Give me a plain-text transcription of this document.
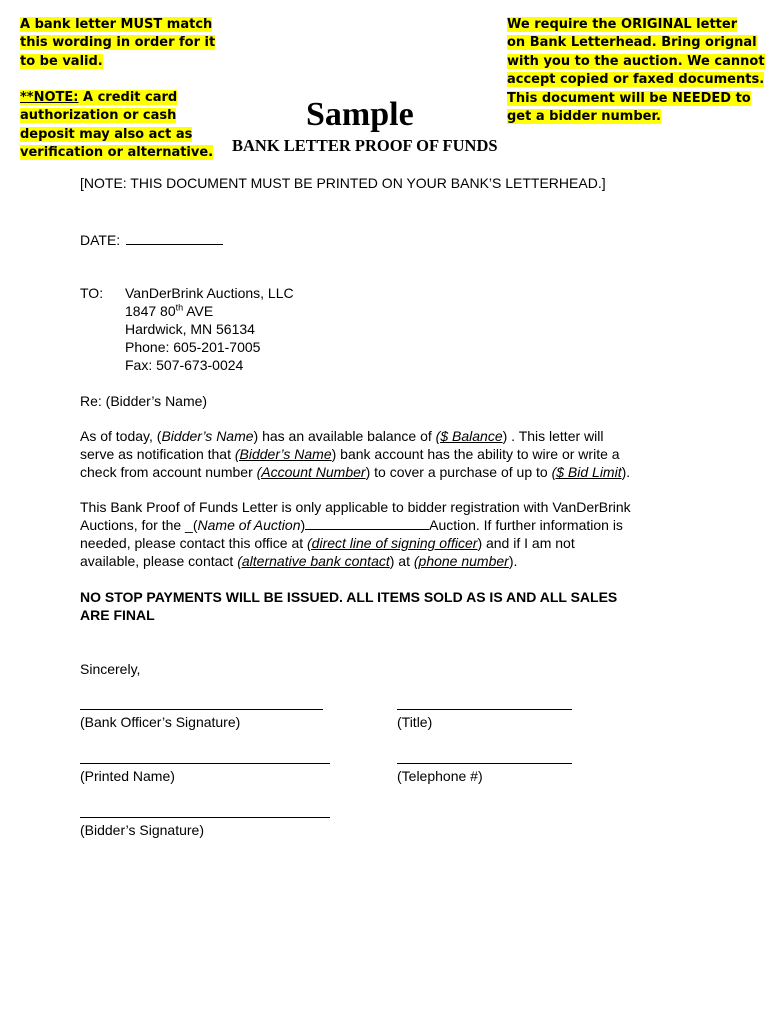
A bank letter MUST match
this wording in order for it
to be valid.
**NOTE: A credit card
authorization or cash
deposit may also act as
verification or alternative.
We require the ORIGINAL letter
on Bank Letterhead. Bring orignal
with you to the auction. We cannot
accept copied or faxed documents.
This document will be NEEDED to
get a bidder number.
Sample
BANK LETTER PROOF OF FUNDS
[NOTE: THIS DOCUMENT MUST BE PRINTED ON YOUR BANK’S LETTERHEAD.]
DATE:
TO: VanDerBrink Auctions, LLC
1847 80th AVE
Hardwick, MN 56134
Phone: 605-201-7005
Fax: 507-673-0024
Re: (Bidder’s Name)
As of today, (Bidder’s Name) has an available balance of ($ Balance) . This letter will
serve as notification that (Bidder’s Name) bank account has the ability to wire or write a
check from account number (Account Number) to cover a purchase of up to ($ Bid Limit).
This Bank Proof of Funds Letter is only applicable to bidder registration with VanDerBrink
Auctions, for the _(Name of Auction)	Auction. If further information is
needed, please contact this office at (direct line of signing officer) and if I am not
available, please contact (alternative bank contact) at (phone number).
NO STOP PAYMENTS WILL BE ISSUED. ALL ITEMS SOLD AS IS AND ALL SALES
ARE FINAL
Sincerely,
(Bank Officer’s Signature)	(Title)
(Printed Name)	(Telephone #)
(Bidder’s Signature)
